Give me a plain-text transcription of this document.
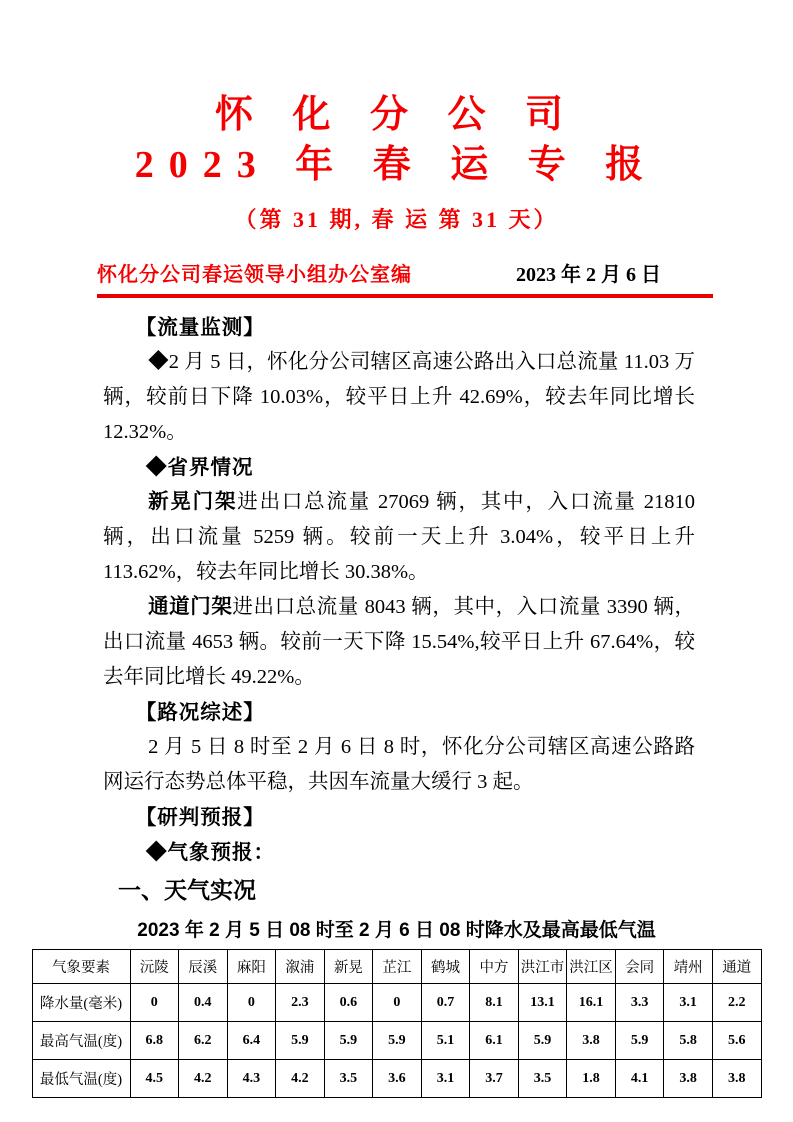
怀 化 分 公 司
2023 年 春 运 专 报
（第 31 期, 春 运 第 31 天）
怀化分公司春运领导小组办公室编	2023 年 2 月 6 日
【流量监测】

◆2 月 5 日，怀化分公司辖区高速公路出入口总流量 11.03 万辆，较前日下降 10.03%，较平日上升 42.69%，较去年同比增长 12.32%。

◆省界情况

新晃门架进出口总流量 27069 辆，其中，入口流量 21810 辆，出口流量 5259 辆。较前一天上升 3.04%，较平日上升 113.62%，较去年同比增长 30.38%。

通道门架进出口总流量 8043 辆，其中，入口流量 3390 辆，出口流量 4653 辆。较前一天下降 15.54%,较平日上升 67.64%，较去年同比增长 49.22%。

【路况综述】

2 月 5 日 8 时至 2 月 6 日 8 时，怀化分公司辖区高速公路路网运行态势总体平稳，共因车流量大缓行 3 起。

【研判预报】
◆气象预报：
一、天气实况
2023 年 2 月 5 日 08 时至 2 月 6 日 08 时降水及最高最低气温
气象要素	沅陵	辰溪	麻阳	溆浦	新晃	芷江	鹤城	中方	洪江市	洪江区	会同	靖州	通道
降水量(毫米)	0	0.4	0	2.3	0.6	0	0.7	8.1	13.1	16.1	3.3	3.1	2.2
最高气温(度)	6.8	6.2	6.4	5.9	5.9	5.9	5.1	6.1	5.9	3.8	5.9	5.8	5.6
最低气温(度)	4.5	4.2	4.3	4.2	3.5	3.6	3.1	3.7	3.5	1.8	4.1	3.8	3.8
